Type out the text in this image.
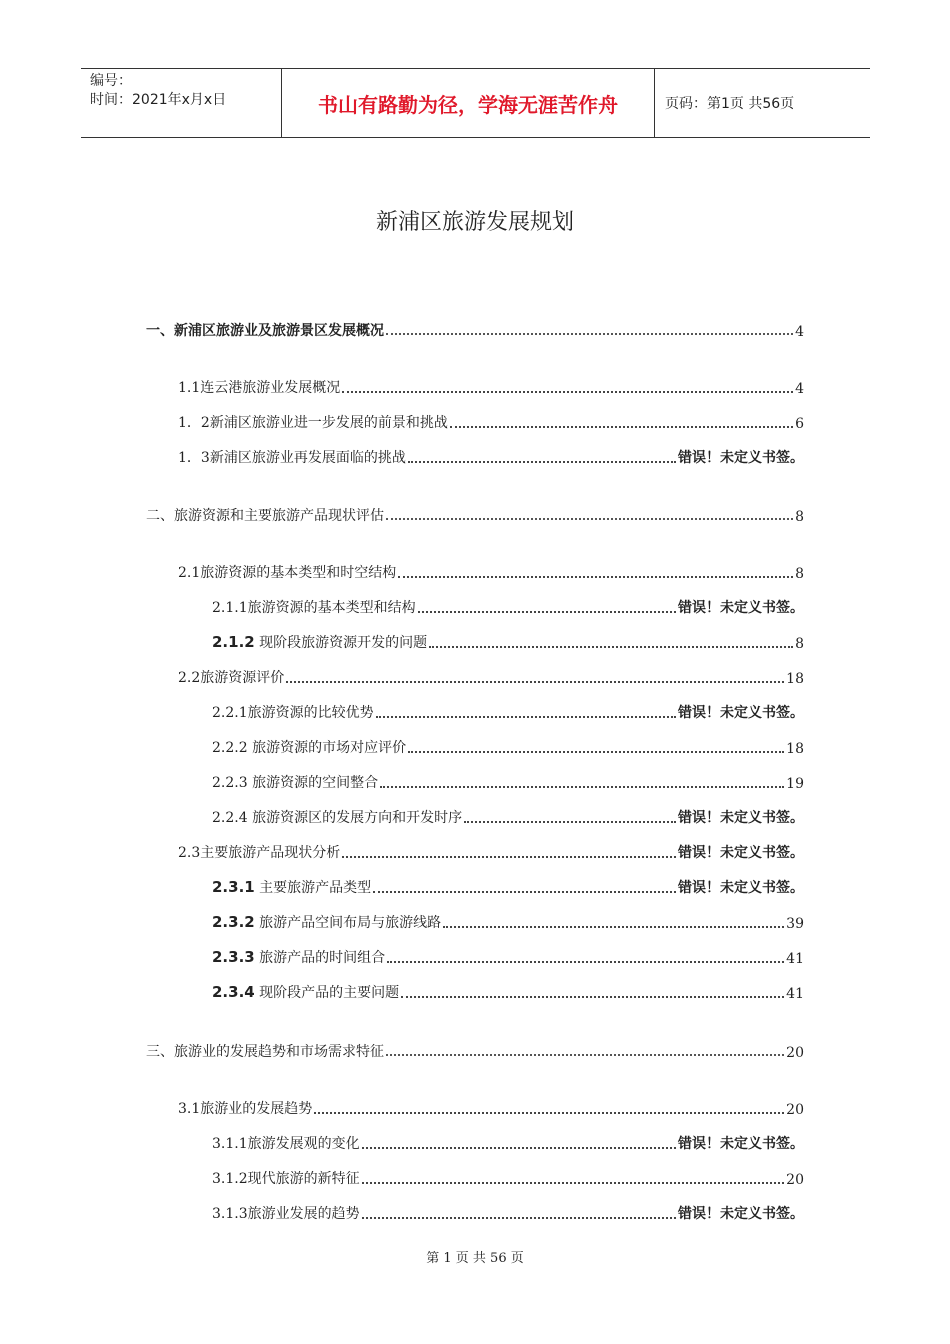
编号：
时间：2021年x月x日	书山有路勤为径，学海无涯苦作舟	页码：第1页 共56页
新浦区旅游发展规划
一、新浦区旅游业及旅游景区发展概况	4
1.1连云港旅游业发展概况	4
1．2新浦区旅游业进一步发展的前景和挑战	6
1．3新浦区旅游业再发展面临的挑战	错误！未定义书签。
二、旅游资源和主要旅游产品现状评估	8
2.1旅游资源的基本类型和时空结构	8
2.1.1旅游资源的基本类型和结构	错误！未定义书签。
2.1.2 现阶段旅游资源开发的问题	8
2.2旅游资源评价	18
2.2.1旅游资源的比较优势	错误！未定义书签。
2.2.2 旅游资源的市场对应评价	18
2.2.3 旅游资源的空间整合	19
2.2.4 旅游资源区的发展方向和开发时序	错误！未定义书签。
2.3主要旅游产品现状分析	错误！未定义书签。
2.3.1 主要旅游产品类型	错误！未定义书签。
2.3.2 旅游产品空间布局与旅游线路	39
2.3.3 旅游产品的时间组合	41
2.3.4 现阶段产品的主要问题	41
三、旅游业的发展趋势和市场需求特征	20
3.1旅游业的发展趋势	20
3.1.1旅游发展观的变化	错误！未定义书签。
3.1.2现代旅游的新特征	20
3.1.3旅游业发展的趋势	错误！未定义书签。
第 1 页 共 56 页
